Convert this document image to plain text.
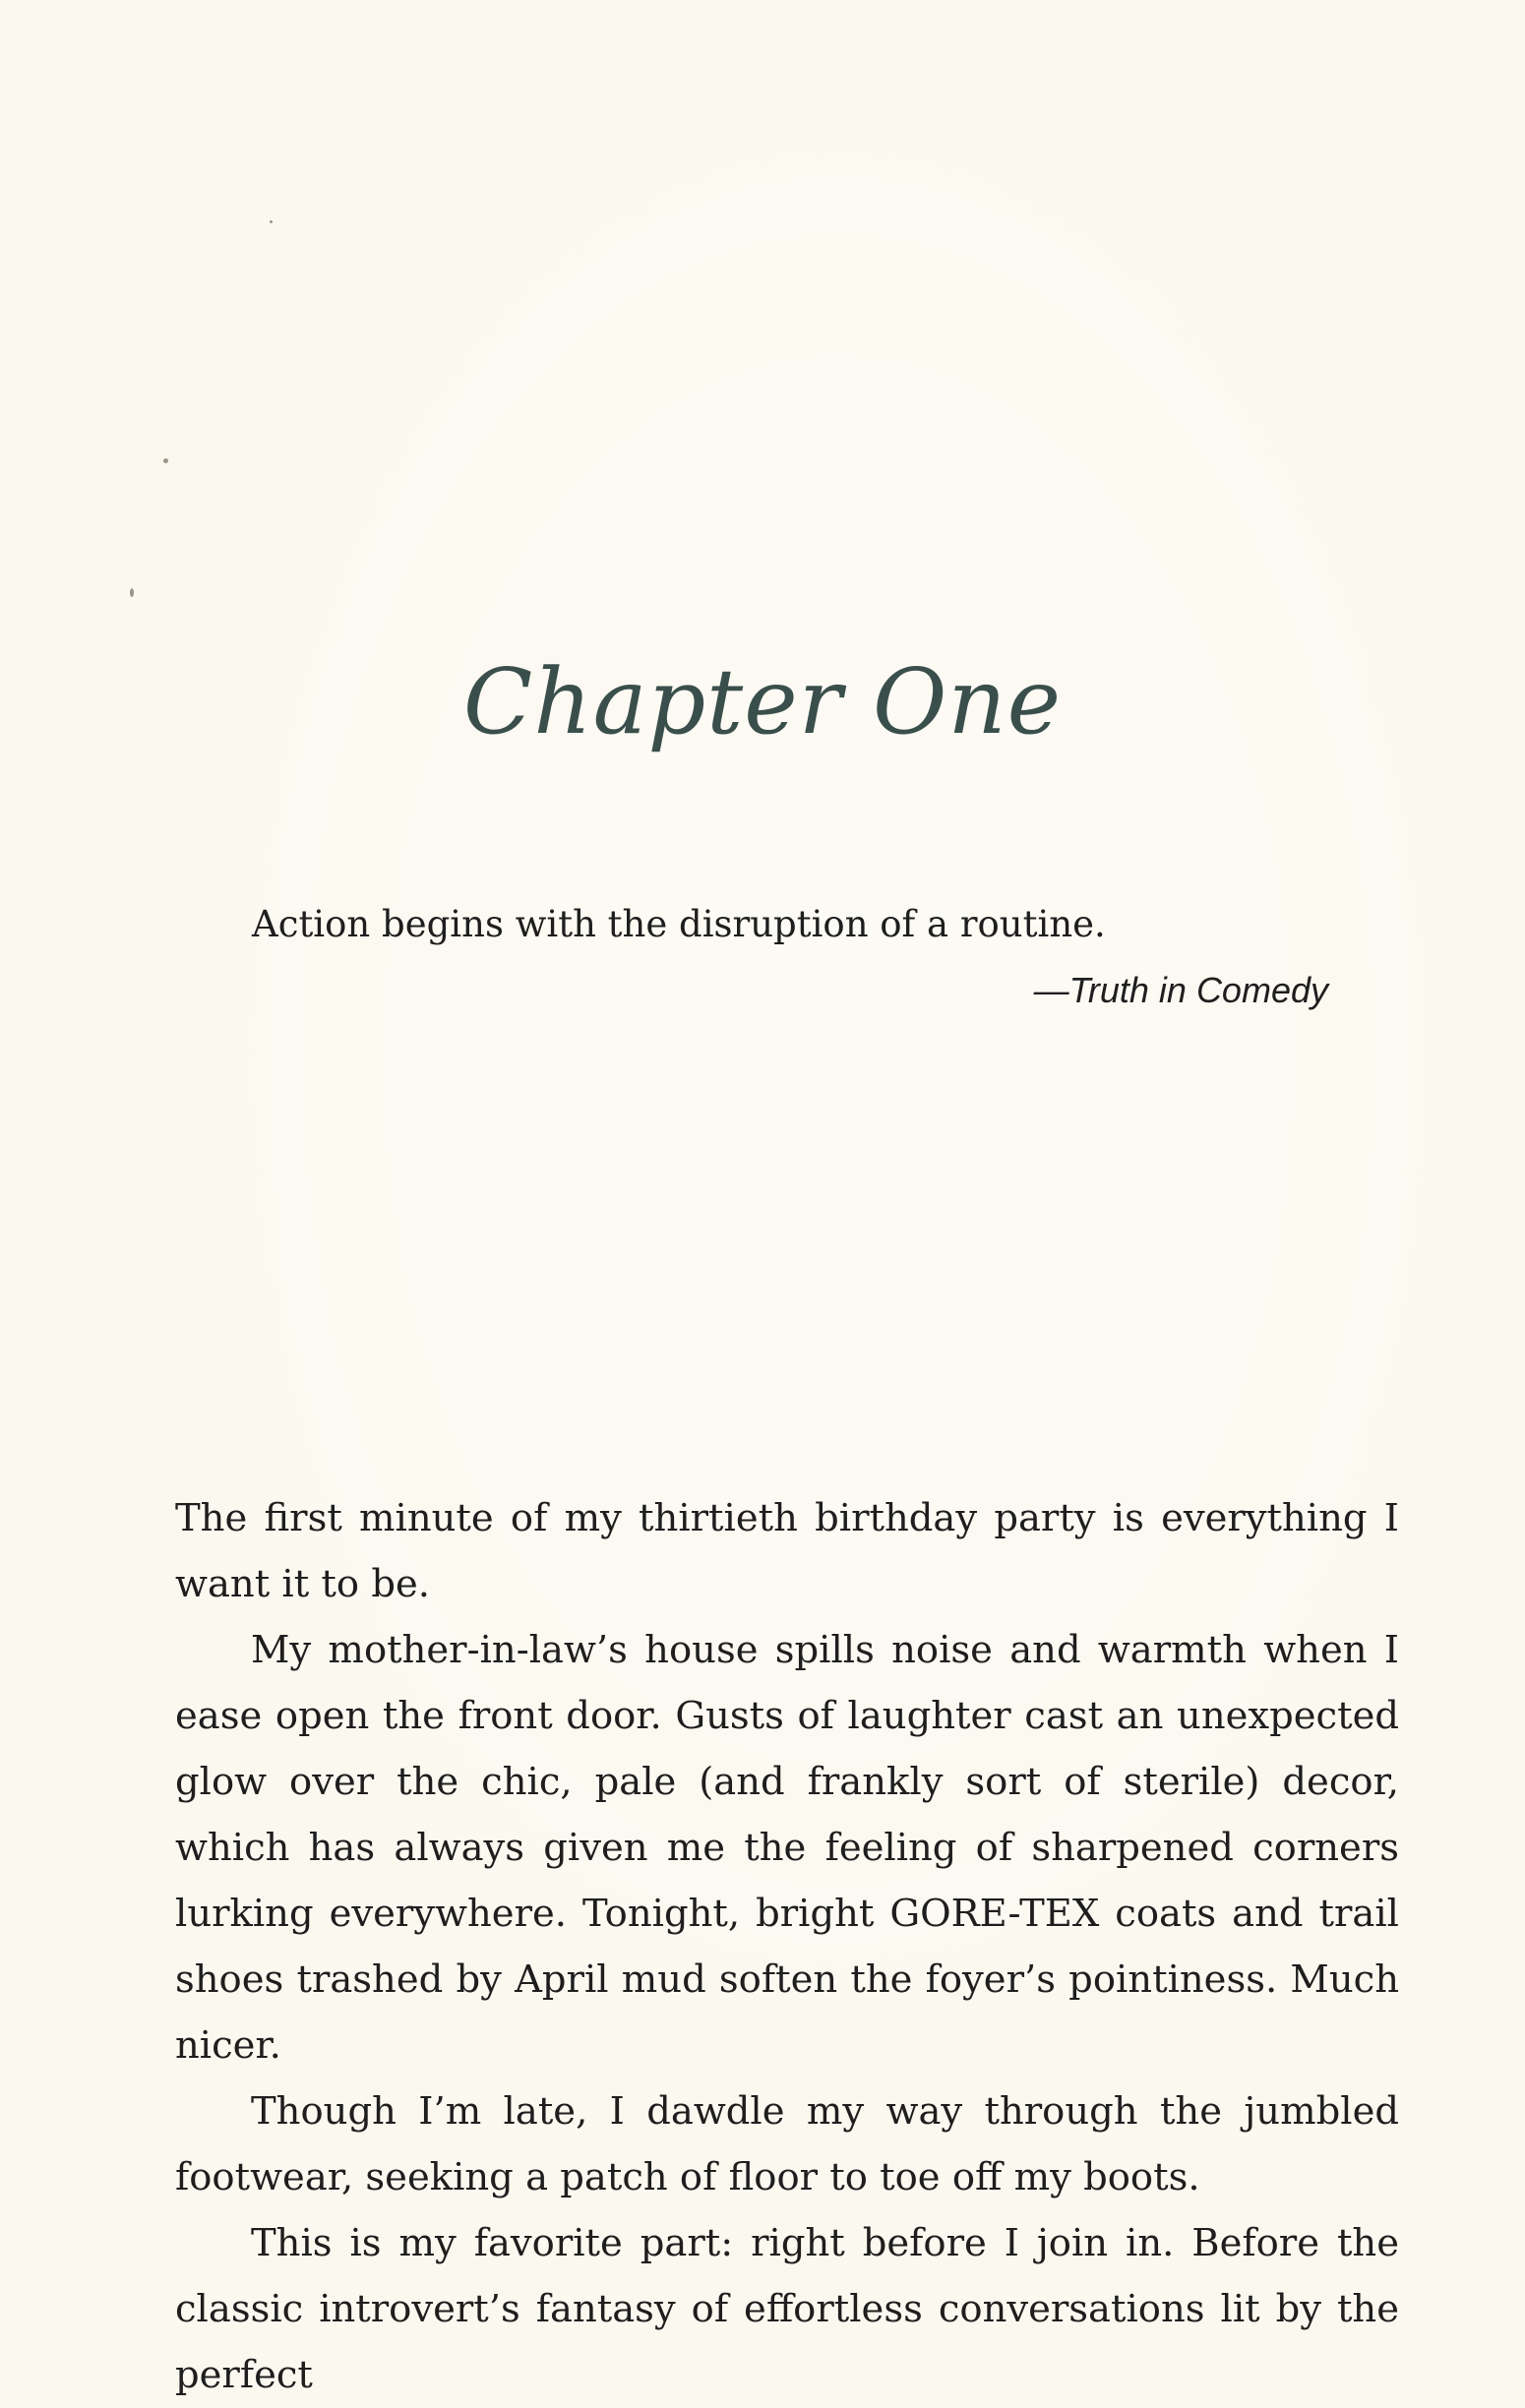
Chapter One

Action begins with the disruption of a routine.

—Truth in Comedy

The first minute of my thirtieth birthday party is everything I want it to be.

My mother-in-law’s house spills noise and warmth when I ease open the front door. Gusts of laughter cast an unexpected glow over the chic, pale (and frankly sort of sterile) decor, which has always given me the feeling of sharpened corners lurking everywhere. Tonight, bright GORE-TEX coats and trail shoes trashed by April mud soften the foyer’s pointiness. Much nicer.

Though I’m late, I dawdle my way through the jumbled footwear, seeking a patch of floor to toe off my boots.

This is my favorite part: right before I join in. Before the classic introvert’s fantasy of effortless conversations lit by the perfect
